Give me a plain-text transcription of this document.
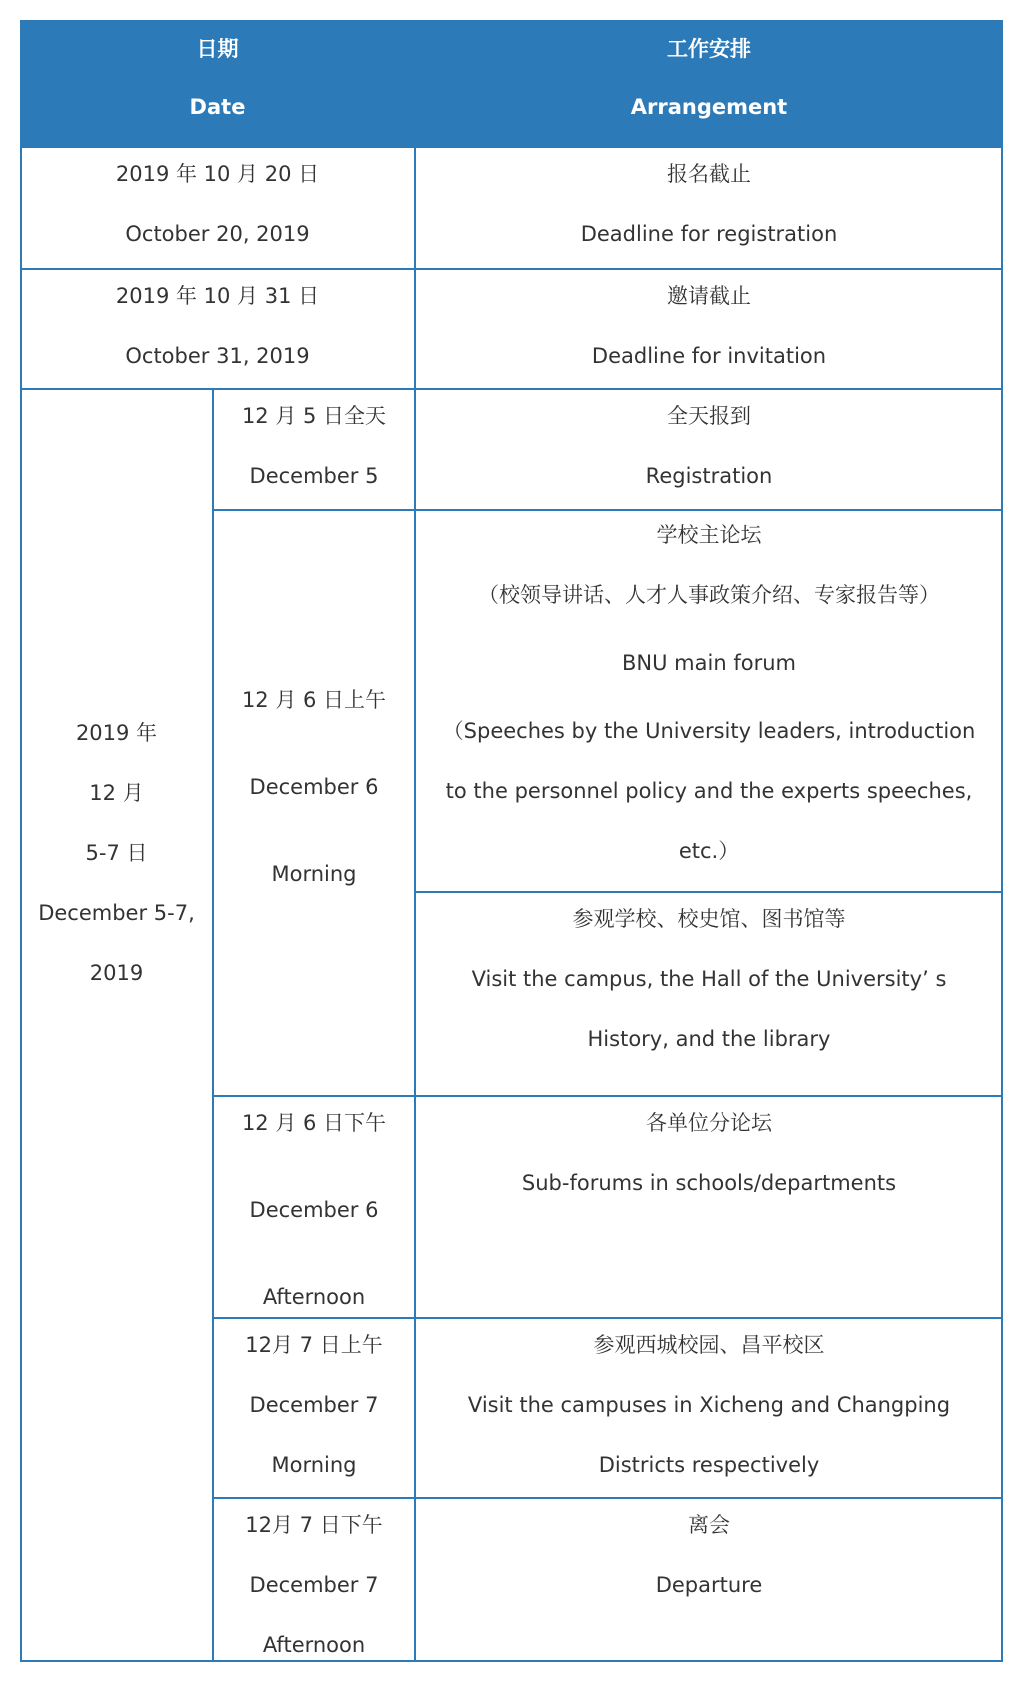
日期
Date
工作安排
Arrangement
2019 年 10 月 20 日
October 20, 2019
报名截止
Deadline for registration
2019 年 10 月 31 日
October 31, 2019
邀请截止
Deadline for invitation
2019 年
12 月
5-7 日
December 5-7,
2019
12 月 5 日全天
December 5
全天报到
Registration
12 月 6 日上午
December 6
Morning
学校主论坛
（校领导讲话、人才人事政策介绍、专家报告等）
BNU main forum
（Speeches by the University leaders, introduction
to the personnel policy and the experts speeches,
etc.）
参观学校、校史馆、图书馆等
Visit the campus, the Hall of the University’ s
History, and the library
12 月 6 日下午
December 6
Afternoon
各单位分论坛
Sub-forums in schools/departments
12月 7 日上午
December 7
Morning
参观西城校园、昌平校区
Visit the campuses in Xicheng and Changping
Districts respectively
12月 7 日下午
December 7
Afternoon
离会
Departure
